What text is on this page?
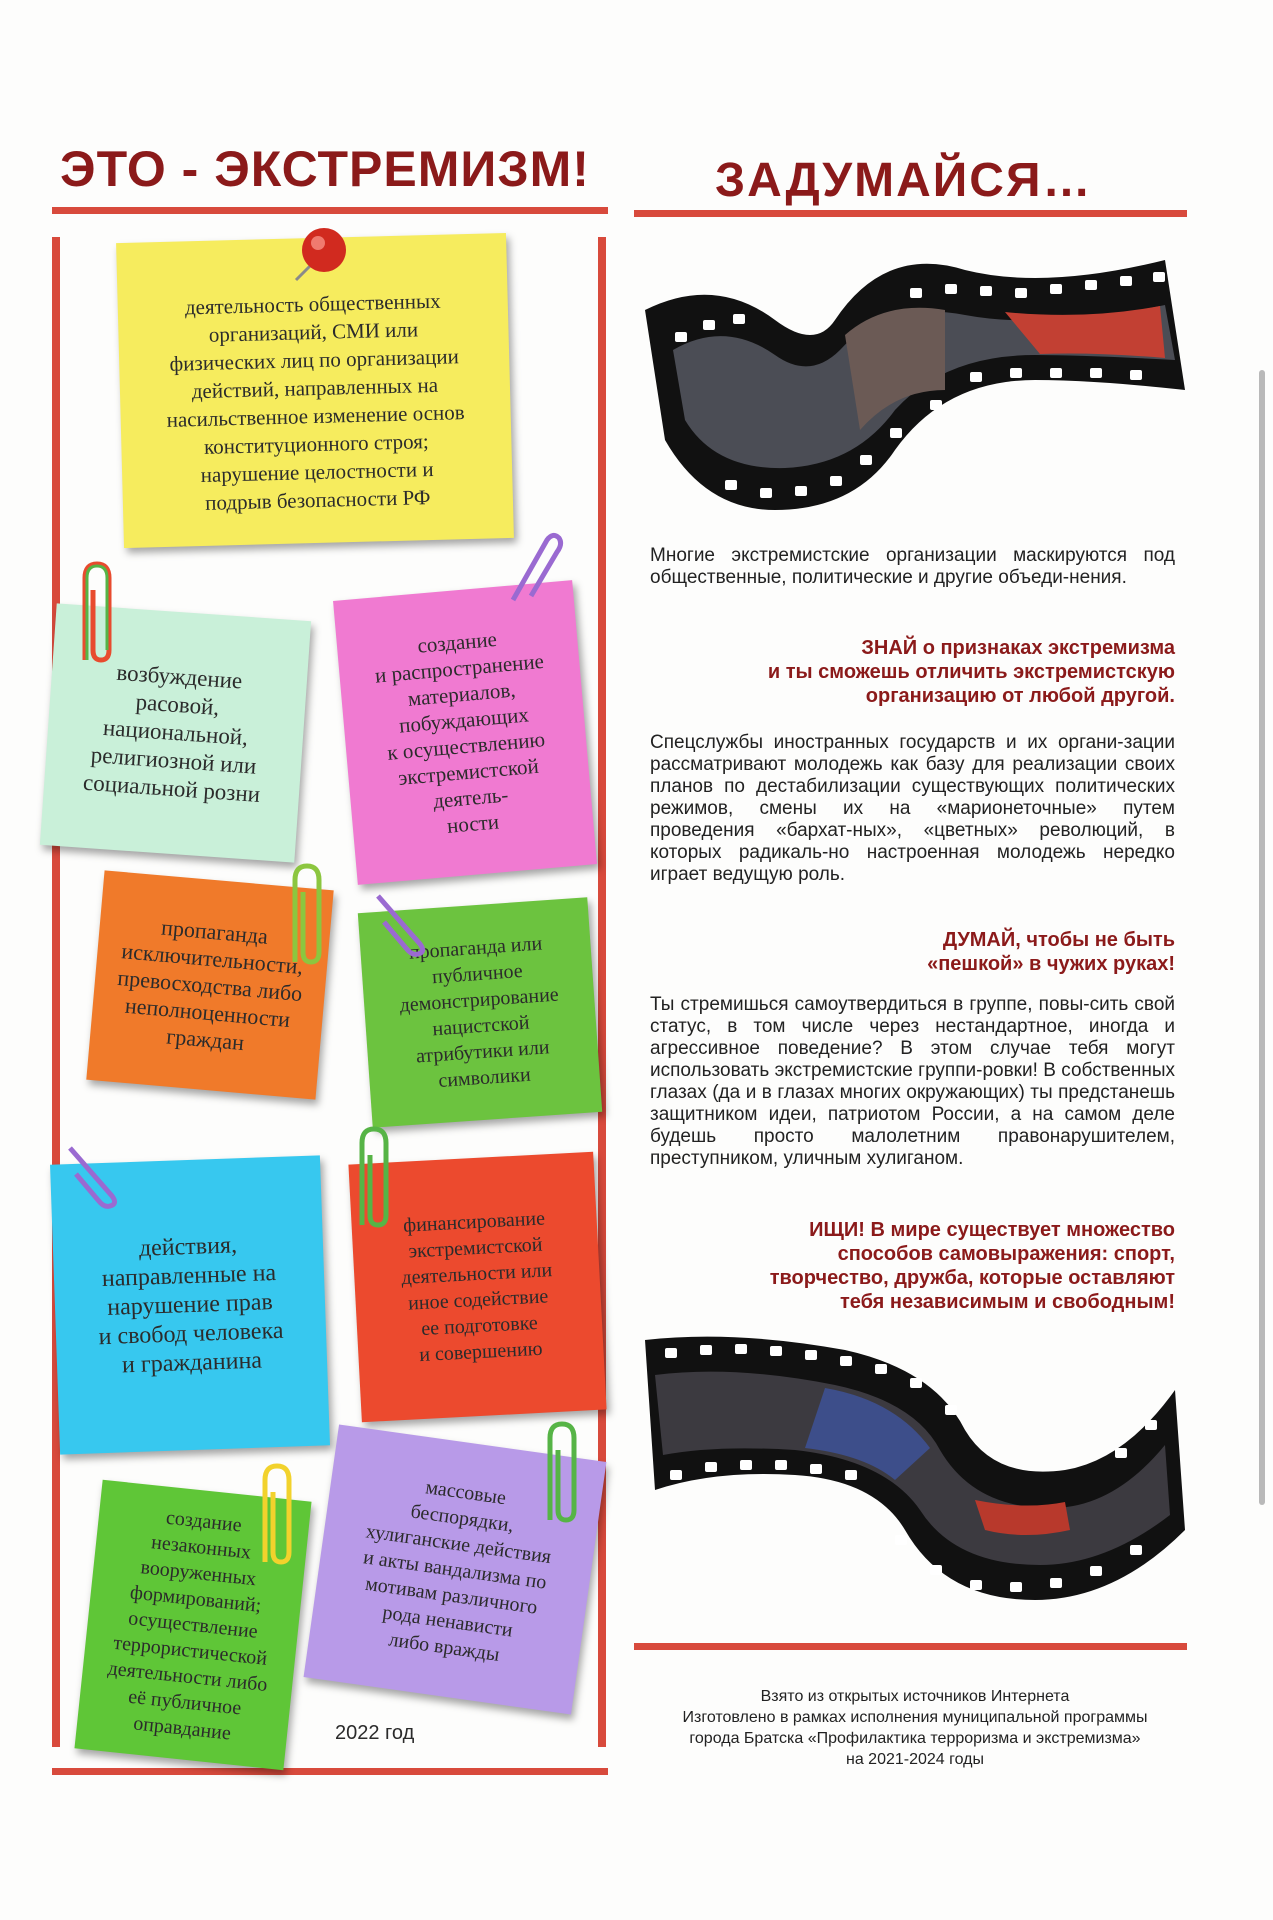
ЭТО - ЭКСТРЕМИЗМ!
деятельность общественных
организаций, СМИ или
физических лиц по организации
действий, направленных на
насильственное изменение основ
конституционного строя;
нарушение целостности и
подрыв безопасности РФ
возбуждение
расовой,
национальной,
религиозной или
социальной розни
создание
и распространение
материалов,
побуждающих
к осуществлению
экстремистской
деятель-
ности
пропаганда
исключительности,
превосходства либо
неполноценности
граждан
пропаганда или
публичное
демонстрирование
нацистской
атрибутики или
символики
действия,
направленные на
нарушение прав
и свобод человека
и гражданина
финансирование
экстремистской
деятельности или
иное содействие
ее подготовке
и совершению
создание
незаконных
вооруженных
формирований;
осуществление
террористической
деятельности либо
её публичное
оправдание
массовые
беспорядки,
хулиганские действия
и акты вандализма по
мотивам различного
рода ненависти
либо вражды
2022 год
ЗАДУМАЙСЯ…
Многие экстремистские организации маскируются под общественные, политические и другие объеди-нения.
ЗНАЙ о признаках экстремизма
и ты сможешь отличить экстремистскую
организацию от любой другой.
Спецслужбы иностранных государств и их органи-зации рассматривают молодежь как базу для реализации своих планов по дестабилизации существующих политических режимов, смены их на «марионеточные» путем проведения «бархат-ных», «цветных» революций, в которых радикаль-но настроенная молодежь нередко играет ведущую роль.
ДУМАЙ, чтобы не быть
«пешкой» в чужих руках!
Ты стремишься самоутвердиться в группе, повы-сить свой статус, в том числе через нестандартное, иногда и агрессивное поведение? В этом случае тебя могут использовать экстремистские группи-ровки! В собственных глазах (да и в глазах многих окружающих) ты предстанешь защитником идеи, патриотом России, а на самом деле будешь просто малолетним правонарушителем, преступником, уличным хулиганом.
ИЩИ! В мире существует множество
способов самовыражения: спорт,
творчество, дружба, которые оставляют
тебя независимым и свободным!
Взято из открытых источников Интернета
Изготовлено в рамках исполнения муниципальной программы
города Братска «Профилактика терроризма и экстремизма»
на 2021-2024 годы
